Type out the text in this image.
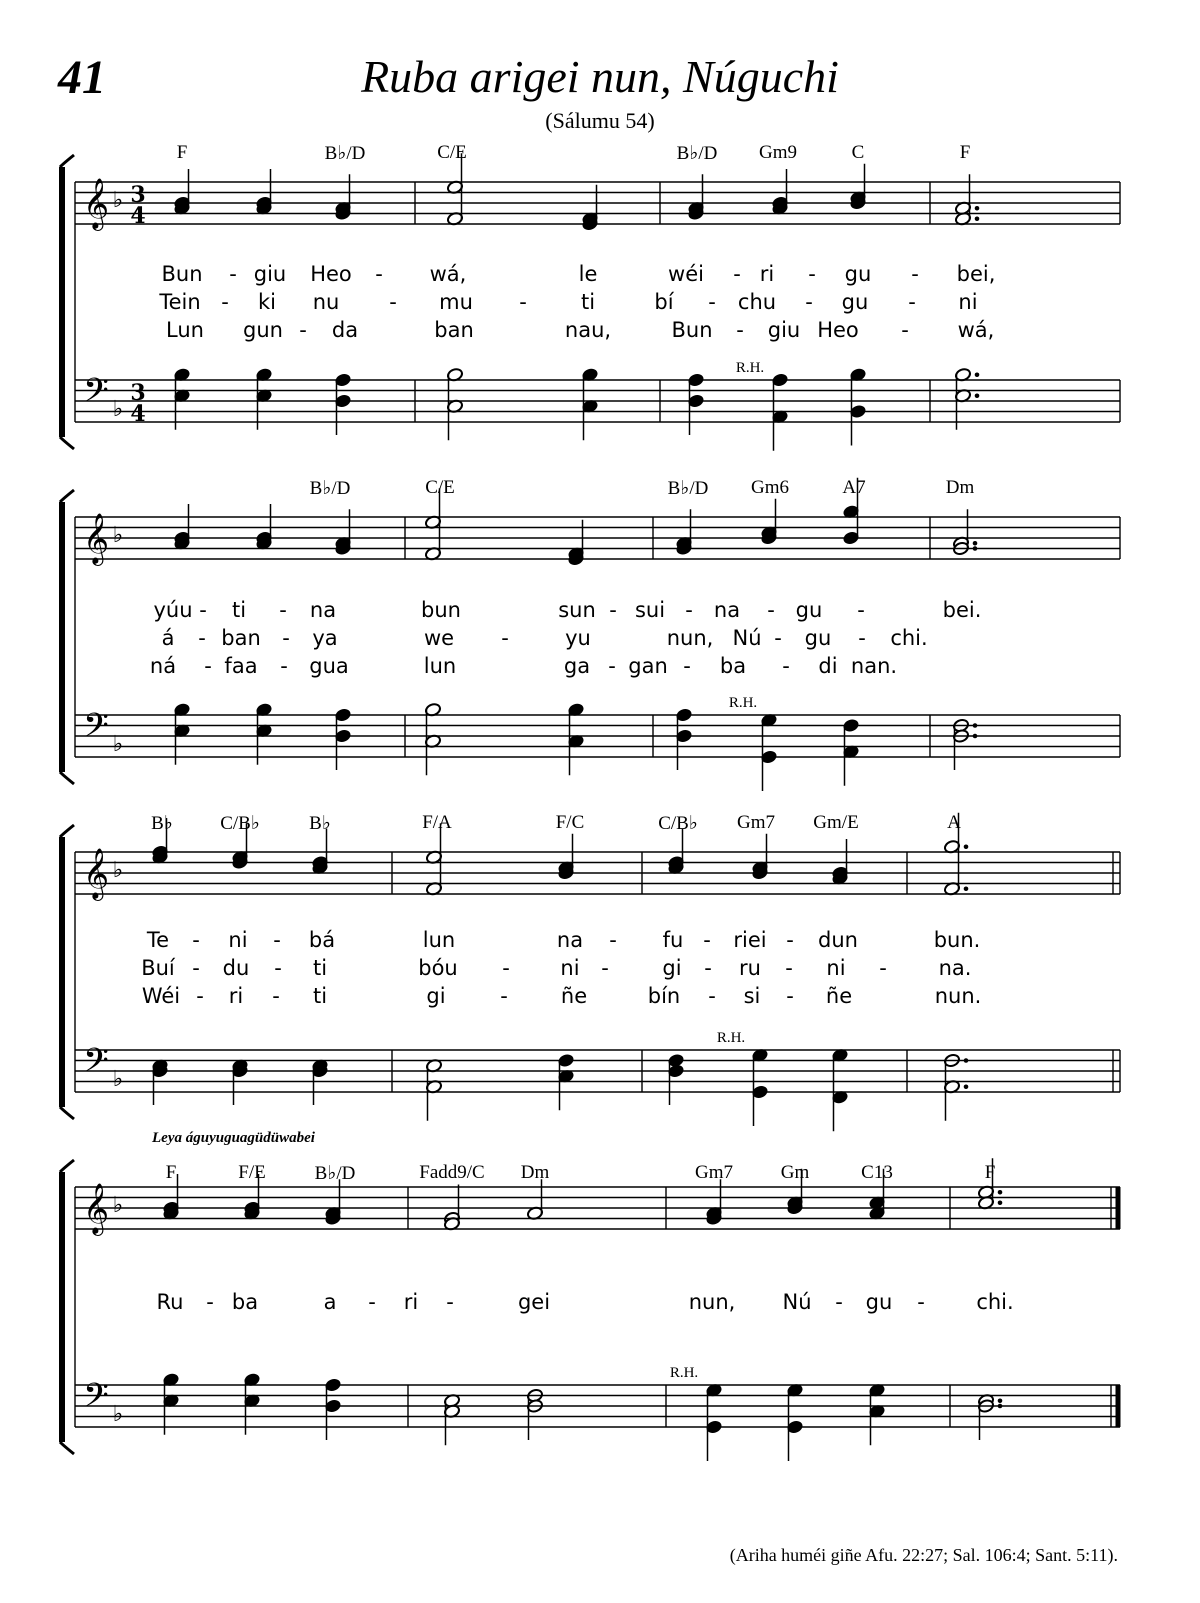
41	Ruba arigei nun, Núguchi
(Sálumu 54)
Leya águyuguagüdüwabei
(Ariha huméi giñe Afu. 22:27; Sal. 106:4; Sant. 5:11).
𝄞
𝄢
♭
♭
3
4
3
4
𝄞
𝄢
♭
♭
𝄞
𝄢
♭
♭
𝄞
𝄢
♭
♭
F	B♭/D	C/E	B♭/D Gm9	C	F
Bun - giu Heo - wá,	le	wéi - ri - gu - bei,
Tein - ki nu - mu -	ti	bí - chu - gu - ni
Lun gun - da	ban	nau,	Bun - giu Heo - wá,
R.H.
B♭/D	C/E	B♭/D Gm6	A7	Dm
yúu - ti - na	bun	sun - sui - na - gu -	bei.
á - ban - ya	we -	yu	nun, Nú - gu - chi.
ná - faa - gua	lun	ga - gan - ba - di nan.
R.H.
B♭ C/B♭	B♭	F/A	F/C	C/B♭ Gm7 Gm/E	A
Te - ni - bá	lun	na - fu - riei - dun	bun.
Buí - du - ti	bóu - ni -	gi - ru - ni - na.
Wéi - ri - ti	gi	-	ñe	bín - si - ñe	nun.
R.H.
F	F/E	B♭/D	Fadd9/C Dm	Gm7	Gm	C13	F
Ru - ba	a - ri -	gei	nun, Nú - gu - chi.
R.H.
